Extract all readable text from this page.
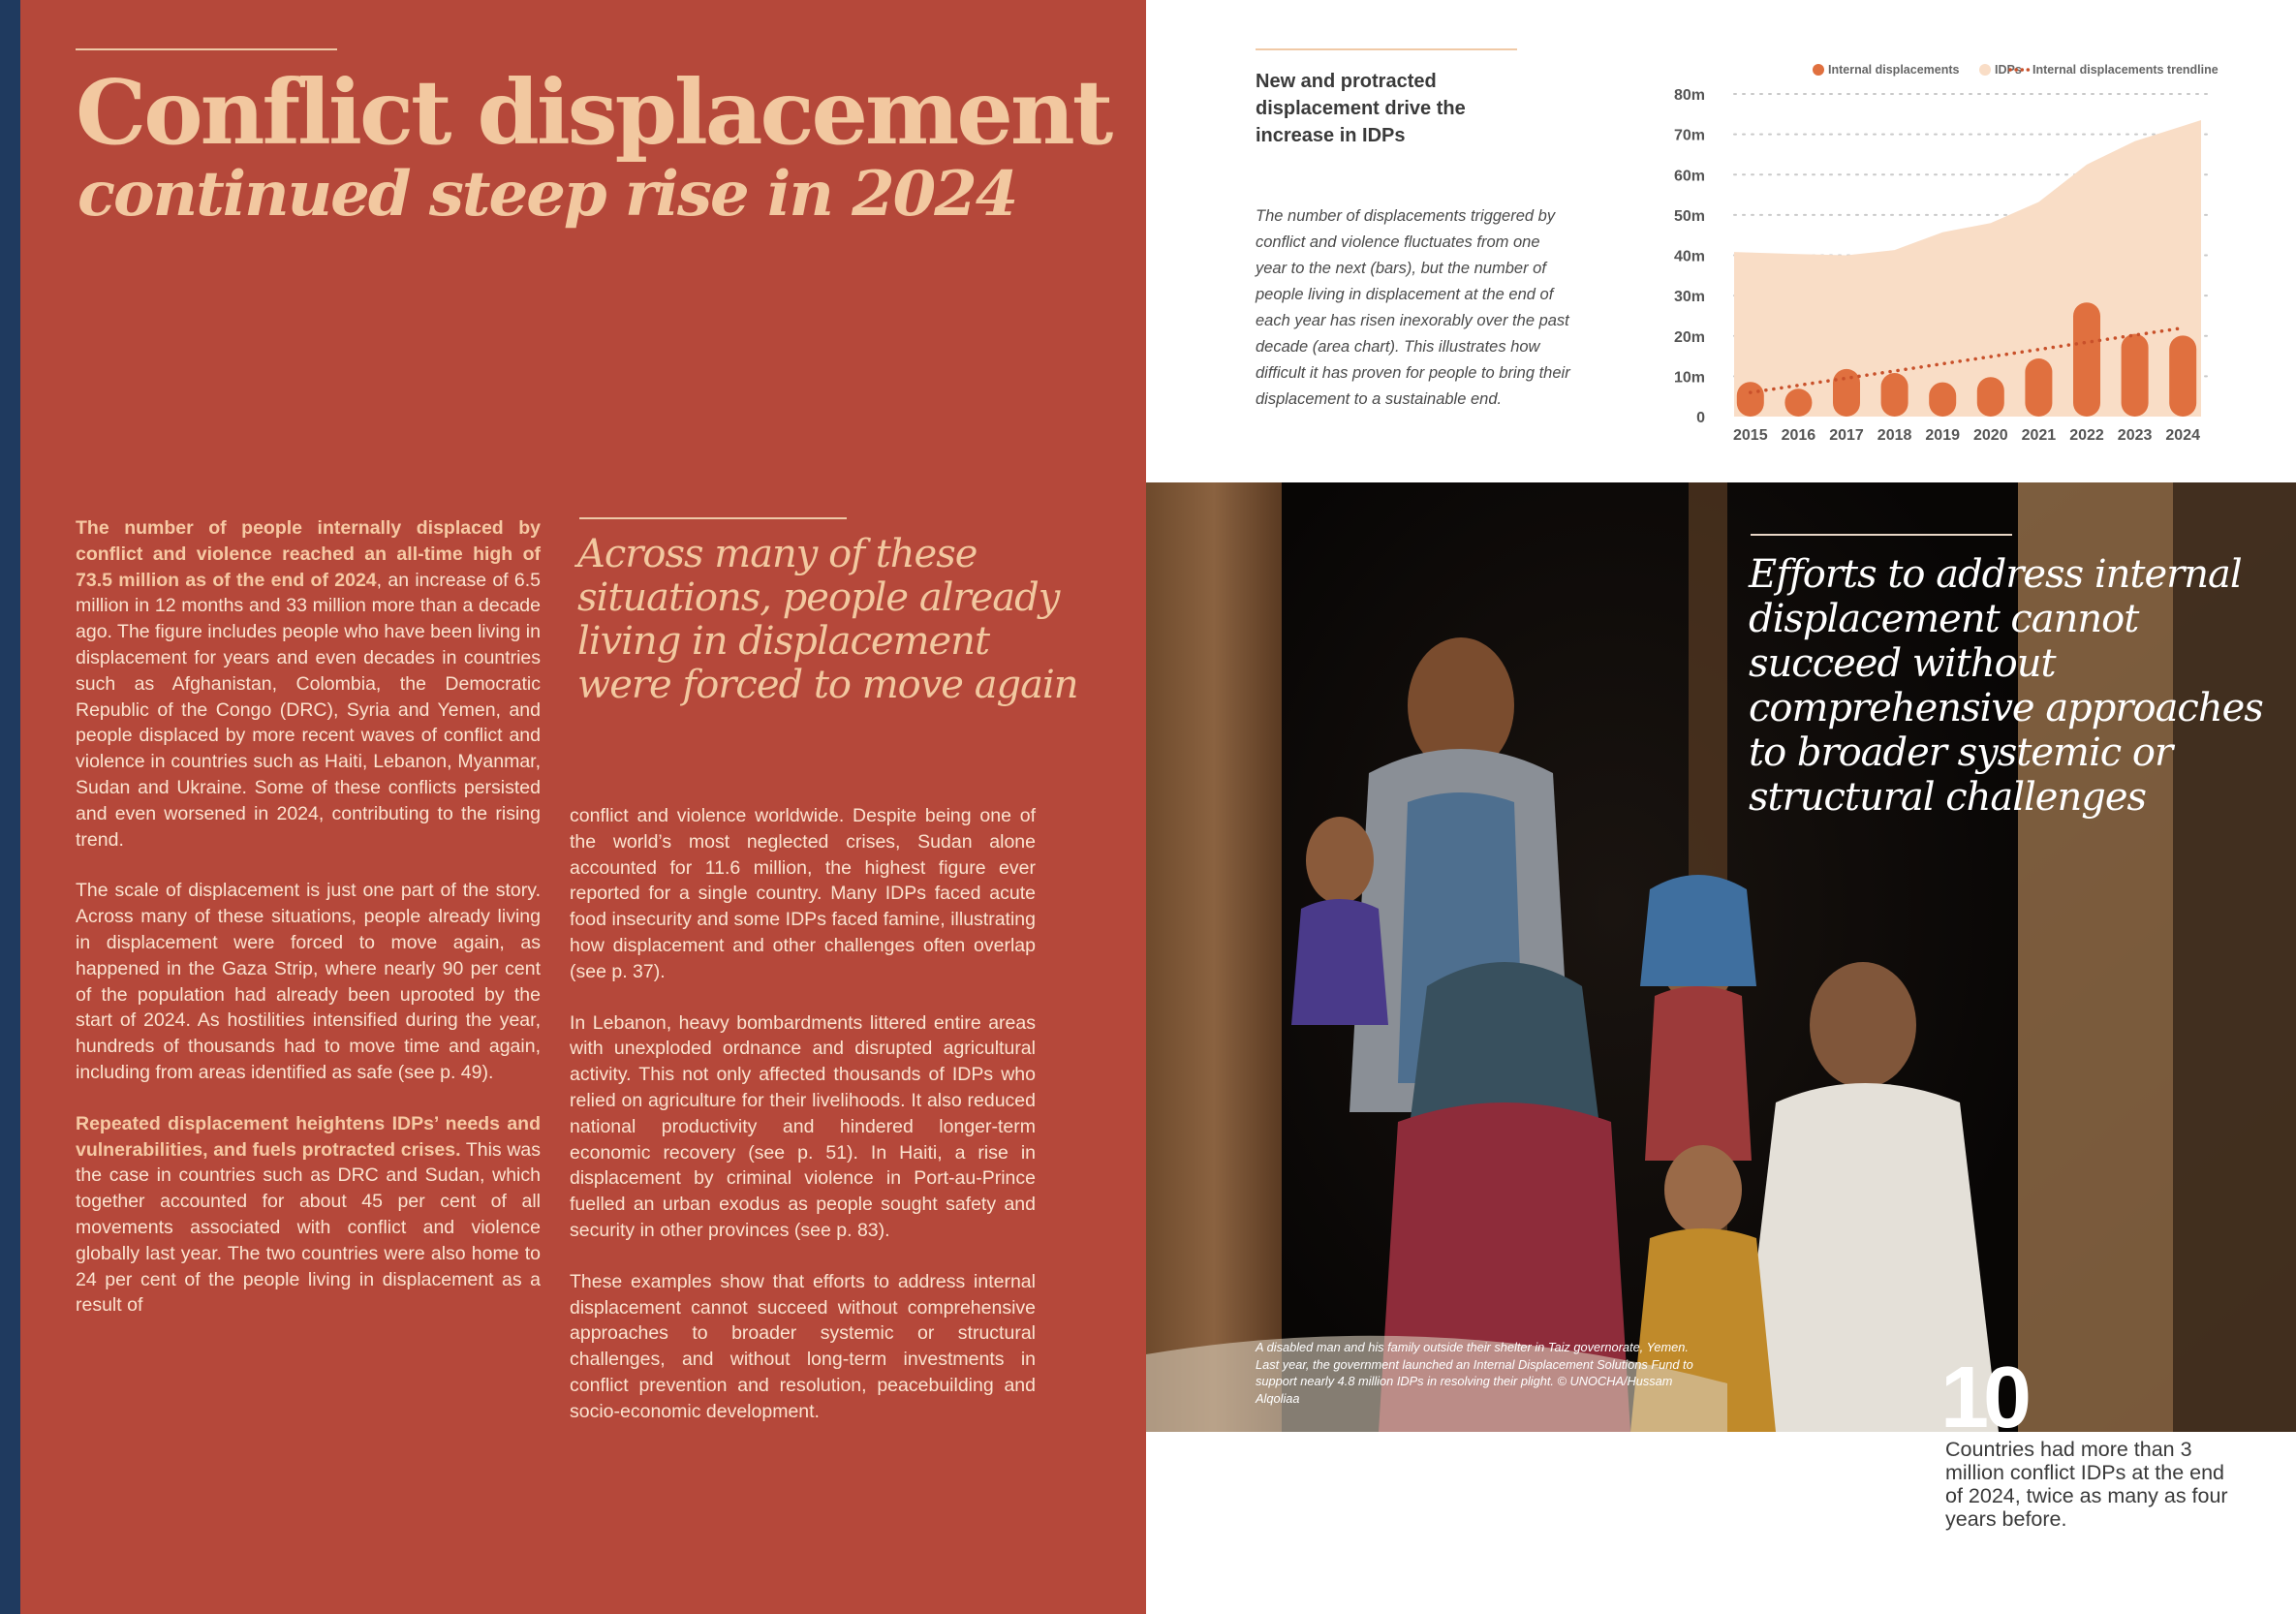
Conflict displacement
continued steep rise in 2024

The number of people internally displaced by conflict and violence reached an all-time high of 73.5 million as of the end of 2024, an increase of 6.5 million in 12 months and 33 million more than a decade ago. The figure includes people who have been living in displacement for years and even decades in countries such as Afghanistan, Colombia, the Democratic Republic of the Congo (DRC), Syria and Yemen, and people displaced by more recent waves of conflict and violence in countries such as Haiti, Lebanon, Myanmar, Sudan and Ukraine. Some of these conflicts persisted and even worsened in 2024, contributing to the rising trend.

The scale of displacement is just one part of the story. Across many of these situations, people already living in displacement were forced to move again, as happened in the Gaza Strip, where nearly 90 per cent of the population had already been uprooted by the start of 2024. As hostilities intensified during the year, hundreds of thousands had to move time and again, including from areas identified as safe (see p. 49).

Repeated displacement heightens IDPs’ needs and vulnerabilities, and fuels protracted crises. This was the case in countries such as DRC and Sudan, which together accounted for about 45 per cent of all movements associated with conflict and violence globally last year. The two countries were also home to 24 per cent of the people living in displacement as a result of

Across many of these situations, people already living in displacement were forced to move again

conflict and violence worldwide. Despite being one of the world’s most neglected crises, Sudan alone accounted for 11.6 million, the highest figure ever reported for a single country. Many IDPs faced acute food insecurity and some IDPs faced famine, illustrating how displacement and other challenges often overlap (see p. 37).

In Lebanon, heavy bombardments littered entire areas with unexploded ordnance and disrupted agricultural activity. This not only affected thousands of IDPs who relied on agriculture for their livelihoods. It also reduced national productivity and hindered longer-term economic recovery (see p. 51). In Haiti, a rise in displacement by criminal violence in Port-au-Prince fuelled an urban exodus as people sought safety and security in other provinces (see p. 83).

These examples show that efforts to address internal displacement cannot succeed without comprehensive approaches to broader systemic or structural challenges, and without long-term investments in conflict prevention and resolution, peacebuilding and socio-economic development.

New and protracted displacement drive the increase in IDPs
The number of displacements triggered by conflict and violence fluctuates from one year to the next (bars), but the number of people living in displacement at the end of each year has risen inexorably over the past decade (area chart). This illustrates how difficult it has proven for people to bring their displacement to a sustainable end.
0
10m
20m
30m
40m
50m
60m
70m
80m
2015 2016 2017 2018 2019 2020 2021 2022 2023 2024
Internal displacements	IDPs Internal displacements trendline
Efforts to address internal displacement cannot succeed without comprehensive approaches to broader systemic or structural challenges
A disabled man and his family outside their shelter in Taiz governorate, Yemen. Last year, the government launched an Internal Displacement Solutions Fund to support nearly 4.8 million IDPs in resolving their plight. © UNOCHA/Hussam Alqoliaa	10
Countries had more than 3 million conflict IDPs at the end of 2024, twice as many as four years before.
